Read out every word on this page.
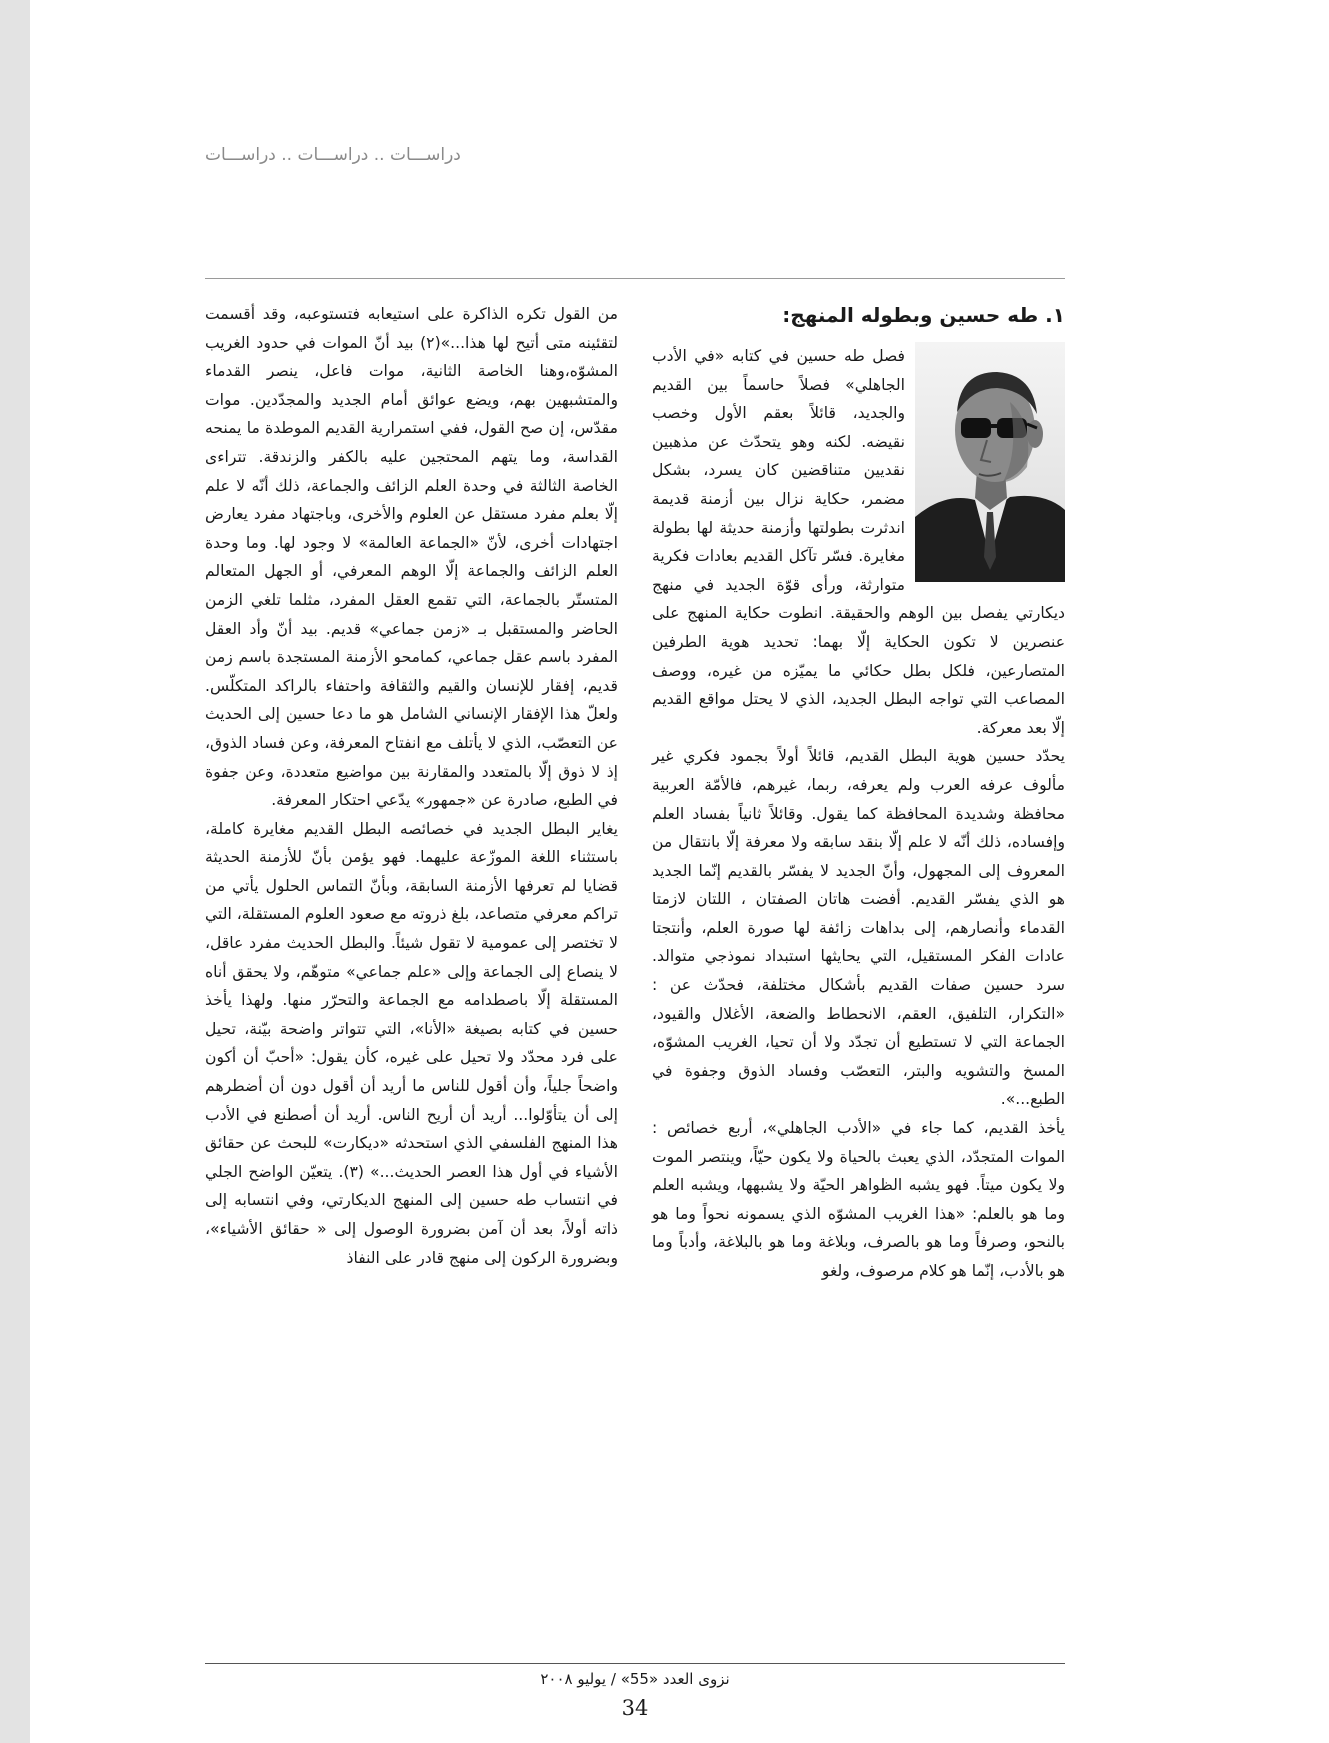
دراســـات .. دراســـات .. دراســـات
١. طه حسين وبطوله المنهج:

فصل طه حسين في كتابه «في الأدب الجاهلي» فصلاً حاسماً بين القديم والجديد، قائلاً بعقم الأول وخصب نقيضه. لكنه وهو يتحدّث عن مذهبين نقديين متناقضين كان يسرد، بشكل مضمر، حكاية نزال بين أزمنة قديمة اندثرت بطولتها وأزمنة حديثة لها بطولة مغايرة. فسّر تآكل القديم بعادات فكرية متوارثة، ورأى قوّة الجديد في منهج ديكارتي يفصل بين الوهم والحقيقة. انطوت حكاية المنهج على عنصرين لا تكون الحكاية إلّا بهما: تحديد هوية الطرفين المتصارعين، فلكل بطل حكائي ما يميّزه من غيره، ووصف المصاعب التي تواجه البطل الجديد، الذي لا يحتل مواقع القديم إلّا بعد معركة.

يحدّد حسين هوية البطل القديم، قائلاً أولاً بجمود فكري غير مألوف عرفه العرب ولم يعرفه، ربما، غيرهم، فالأمّة العربية محافظة وشديدة المحافظة كما يقول. وقائلاً ثانياً بفساد العلم وإفساده، ذلك أنّه لا علم إلّا بنقد سابقه ولا معرفة إلّا بانتقال من المعروف إلى المجهول، وأنّ الجديد لا يفسّر بالقديم إنّما الجديد هو الذي يفسّر القديم. أفضت هاتان الصفتان ، اللتان لازمتا القدماء وأنصارهم، إلى بداهات زائفة لها صورة العلم، وأنتجتا عادات الفكر المستقيل، التي يحايثها استبداد نموذجي متوالد. سرد حسين صفات القديم بأشكال مختلفة، فحدّث عن : «التكرار، التلفيق، العقم، الانحطاط والضعة، الأغلال والقيود، الجماعة التي لا تستطيع أن تجدّد ولا أن تحيا، الغريب المشوّه، المسخ والتشويه والبتر، التعصّب وفساد الذوق وجفوة في الطبع...».

يأخذ القديم، كما جاء في «الأدب الجاهلي»، أربع خصائص : الموات المتجدّد، الذي يعبث بالحياة ولا يكون حيّاً، وينتصر الموت ولا يكون ميتاً. فهو يشبه الظواهر الحيّة ولا يشبهها، ويشبه العلم وما هو بالعلم: «هذا الغريب المشوّه الذي يسمونه نحواً وما هو بالنحو، وصرفاً وما هو بالصرف، وبلاغة وما هو بالبلاغة، وأدباً وما هو بالأدب، إنّما هو كلام مرصوف، ولغو

من القول تكره الذاكرة على استيعابه فتستوعبه، وقد أقسمت لتقئينه متى أتيح لها هذا...»(٢) بيد أنّ الموات في حدود الغريب المشوّه،وهنا الخاصة الثانية، موات فاعل، ينصر القدماء والمتشبهين بهم، ويضع عوائق أمام الجديد والمجدّدين. موات مقدّس، إن صح القول، ففي استمرارية القديم الموطدة ما يمنحه القداسة، وما يتهم المحتجين عليه بالكفر والزندقة. تتراءى الخاصة الثالثة في وحدة العلم الزائف والجماعة، ذلك أنّه لا علم إلّا بعلم مفرد مستقل عن العلوم والأخرى، وباجتهاد مفرد يعارض اجتهادات أخرى، لأنّ «الجماعة العالمة» لا وجود لها. وما وحدة العلم الزائف والجماعة إلّا الوهم المعرفي، أو الجهل المتعالم المتستّر بالجماعة، التي تقمع العقل المفرد، مثلما تلغي الزمن الحاضر والمستقبل بـ «زمن جماعي» قديم. بيد أنّ وأد العقل المفرد باسم عقل جماعي، كمامحو الأزمنة المستجدة باسم زمن قديم، إفقار للإنسان والقيم والثقافة واحتفاء بالراكد المتكلّس. ولعلّ هذا الإفقار الإنساني الشامل هو ما دعا حسين إلى الحديث عن التعصّب، الذي لا يأتلف مع انفتاح المعرفة، وعن فساد الذوق، إذ لا ذوق إلّا بالمتعدد والمقارنة بين مواضيع متعددة، وعن جفوة في الطبع، صادرة عن «جمهور» يدّعي احتكار المعرفة.

يغاير البطل الجديد في خصائصه البطل القديم مغايرة كاملة، باستثناء اللغة الموزّعة عليهما. فهو يؤمن بأنّ للأزمنة الحديثة قضايا لم تعرفها الأزمنة السابقة، وبأنّ التماس الحلول يأتي من تراكم معرفي متصاعد، بلغ ذروته مع صعود العلوم المستقلة، التي لا تختصر إلى عمومية لا تقول شيئاً. والبطل الحديث مفرد عاقل، لا ينصاع إلى الجماعة وإلى «علم جماعي» متوهّم، ولا يحقق أناه المستقلة إلّا باصطدامه مع الجماعة والتحرّر منها. ولهذا يأخذ حسين في كتابه بصيغة «الأنا»، التي تتواتر واضحة بيّنة، تحيل على فرد محدّد ولا تحيل على غيره، كأن يقول: «أحبّ أن أكون واضحاً جلياً، وأن أقول للناس ما أريد أن أقول دون أن أضطرهم إلى أن يتأوّلوا... أريد أن أريح الناس. أريد أن أصطنع في الأدب هذا المنهج الفلسفي الذي استحدثه «ديكارت» للبحث عن حقائق الأشياء في أول هذا العصر الحديث...» (٣). يتعيّن الواضح الجلي في انتساب طه حسين إلى المنهج الديكارتي، وفي انتسابه إلى ذاته أولاً، بعد أن آمن بضرورة الوصول إلى « حقائق الأشياء»، وبضرورة الركون إلى منهج قادر على النفاذ

نزوى العدد «55» / يوليو ٢٠٠٨
34
